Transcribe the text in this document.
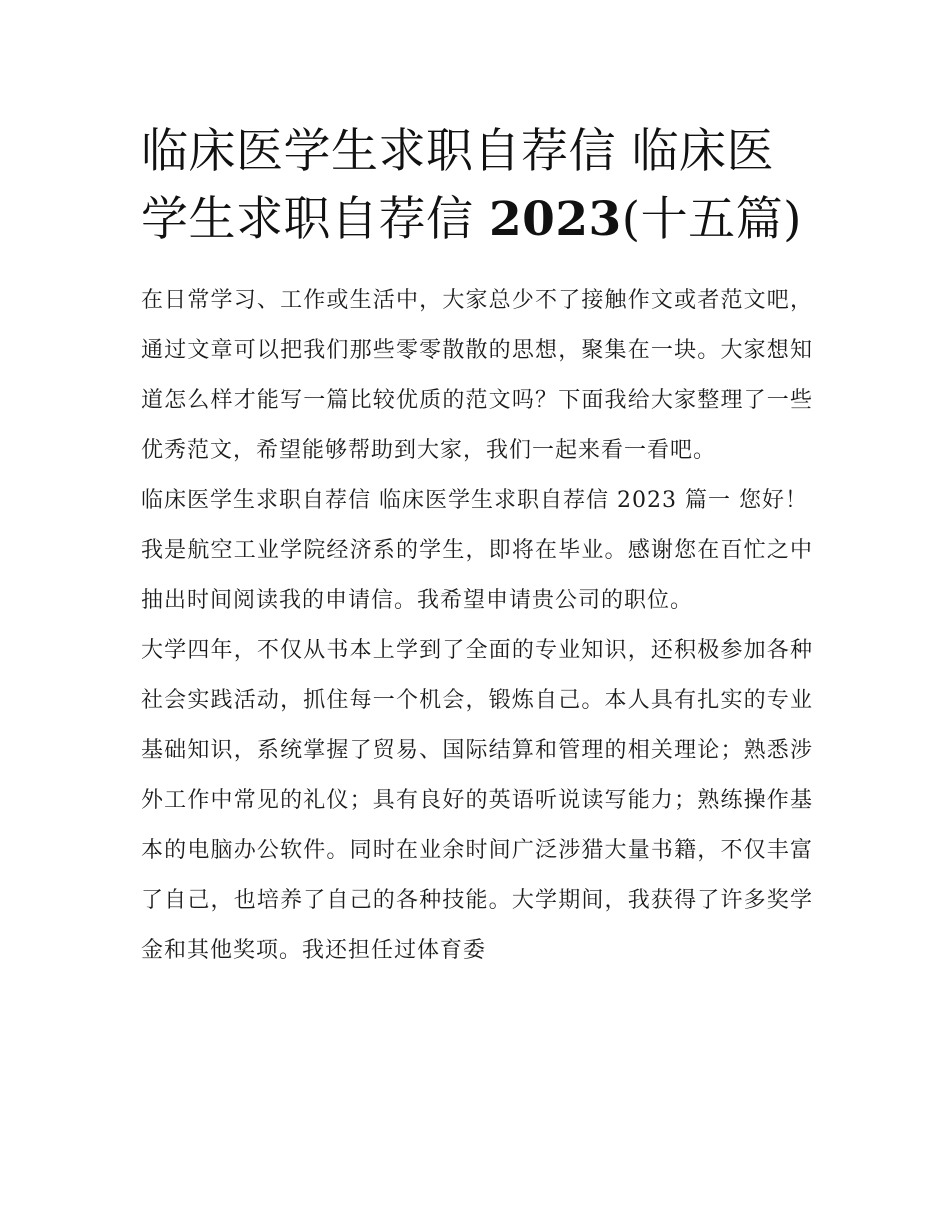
临床医学生求职自荐信 临床医学生求职自荐信 2023(十五篇)

在日常学习、工作或生活中，大家总少不了接触作文或者范文吧，通过文章可以把我们那些零零散散的思想，聚集在一块。大家想知道怎么样才能写一篇比较优质的范文吗？下面我给大家整理了一些优秀范文，希望能够帮助到大家，我们一起来看一看吧。

临床医学生求职自荐信 临床医学生求职自荐信 2023 篇一 您好！

我是航空工业学院经济系的学生，即将在毕业。感谢您在百忙之中抽出时间阅读我的申请信。我希望申请贵公司的职位。

大学四年，不仅从书本上学到了全面的专业知识，还积极参加各种社会实践活动，抓住每一个机会，锻炼自己。本人具有扎实的专业基础知识，系统掌握了贸易、国际结算和管理的相关理论；熟悉涉外工作中常见的礼仪；具有良好的英语听说读写能力；熟练操作基本的电脑办公软件。同时在业余时间广泛涉猎大量书籍，不仅丰富了自己，也培养了自己的各种技能。大学期间，我获得了许多奖学金和其他奖项。我还担任过体育委
